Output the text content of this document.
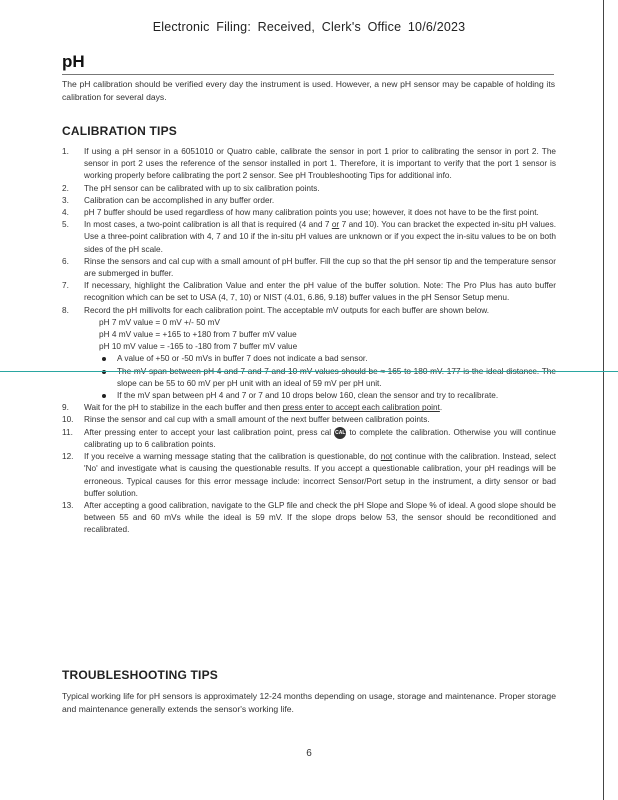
Electronic Filing: Received, Clerk's Office 10/6/2023
pH
The pH calibration should be verified every day the instrument is used. However, a new pH sensor may be capable of holding its calibration for several days.
CALIBRATION TIPS
1. If using a pH sensor in a 6051010 or Quatro cable, calibrate the sensor in port 1 prior to calibrating the sensor in port 2. The sensor in port 2 uses the reference of the sensor installed in port 1. Therefore, it is important to verify that the port 1 sensor is working properly before calibrating the port 2 sensor. See pH Troubleshooting Tips for additional info.
2. The pH sensor can be calibrated with up to six calibration points.
3. Calibration can be accomplished in any buffer order.
4. pH 7 buffer should be used regardless of how many calibration points you use; however, it does not have to be the first point.
5. In most cases, a two-point calibration is all that is required (4 and 7 or 7 and 10). You can bracket the expected in-situ pH values. Use a three-point calibration with 4, 7 and 10 if the in-situ pH values are unknown or if you expect the in-situ values to be on both sides of the pH scale.
6. Rinse the sensors and cal cup with a small amount of pH buffer. Fill the cup so that the pH sensor tip and the temperature sensor are submerged in buffer.
7. If necessary, highlight the Calibration Value and enter the pH value of the buffer solution. Note: The Pro Plus has auto buffer recognition which can be set to USA (4, 7, 10) or NIST (4.01, 6.86, 9.18) buffer values in the pH Sensor Setup menu.
8. Record the pH millivolts for each calibration point. The acceptable mV outputs for each buffer are shown below.
pH 7 mV value = 0 mV +/- 50 mV
pH 4 mV value = +165 to +180 from 7 buffer mV value
pH 10 mV value = -165 to -180 from 7 buffer mV value
A value of +50 or -50 mVs in buffer 7 does not indicate a bad sensor.
slope can be 55 to 60 mV per pH unit with an ideal of 59 mV per pH unit.
If the mV span between pH 4 and 7 or 7 and 10 drops below 160, clean the sensor and try to recalibrate.
9. Wait for the pH to stabilize in the each buffer and then press enter to accept each calibration point.
10. Rinse the sensor and cal cup with a small amount of the next buffer between calibration points.
11. After pressing enter to accept your last calibration point, press cal CAL to complete the calibration. Otherwise you will continue calibrating up to 6 calibration points.
12. If you receive a warning message stating that the calibration is questionable, do not continue with the calibration. Instead, select 'No' and investigate what is causing the questionable results. If you accept a questionable calibration, your pH readings will be erroneous. Typical causes for this error message include: incorrect Sensor/Port setup in the instrument, a dirty sensor or bad buffer solution.
13. After accepting a good calibration, navigate to the GLP file and check the pH Slope and Slope % of ideal. A good slope should be between 55 and 60 mVs while the ideal is 59 mV. If the slope drops below 53, the sensor should be reconditioned and recalibrated.
TROUBLESHOOTING TIPS
Typical working life for pH sensors is approximately 12-24 months depending on usage, storage and maintenance. Proper storage and maintenance generally extends the sensor's working life.
6
